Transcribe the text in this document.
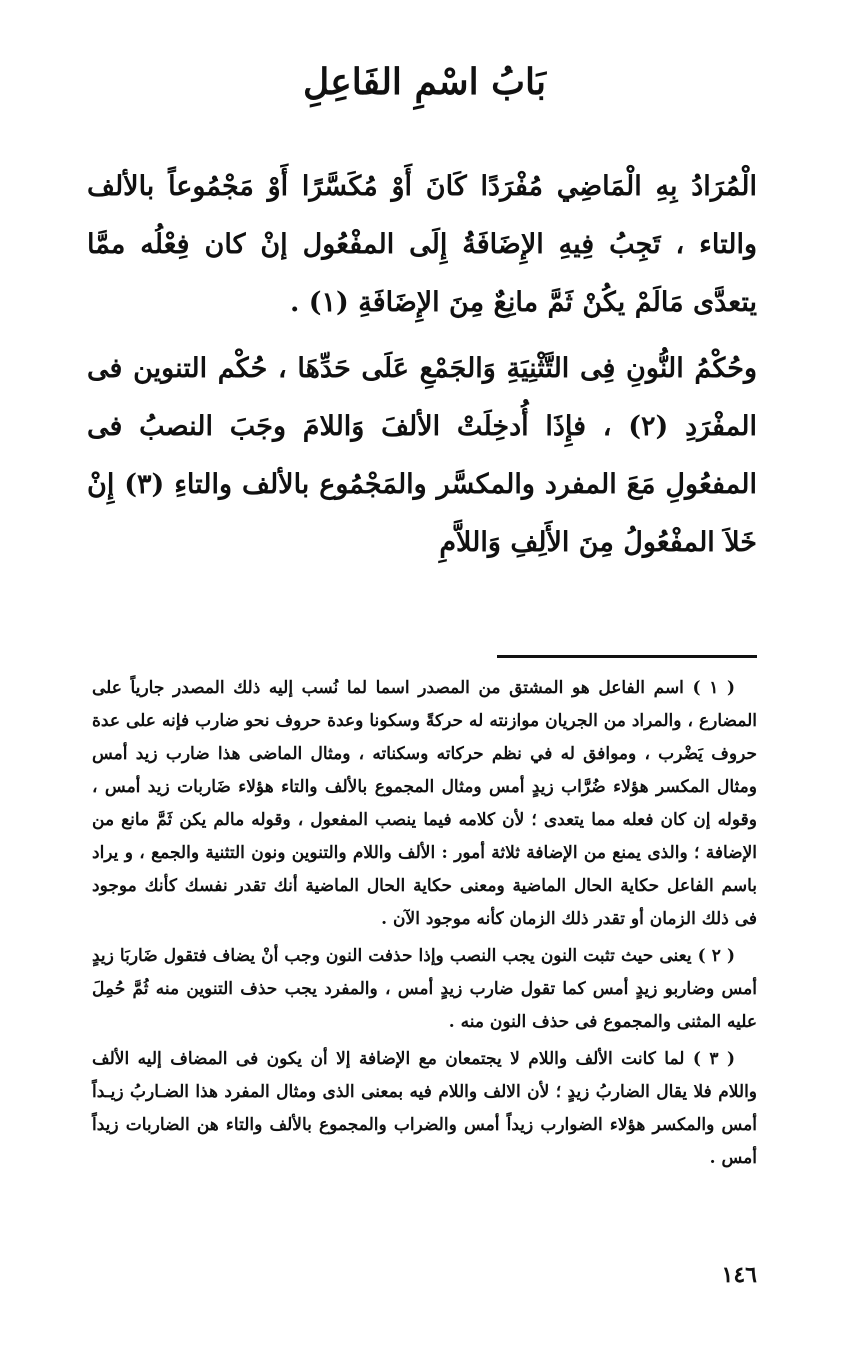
بَابُ اسْمِ الفَاعِلِ

الْمُرَادُ بِهِ الْمَاضِي مُفْرَدًا كَانَ أَوْ مُكَسَّرًا أَوْ مَجْمُوعاً بالألف والتاء ، تَجِبُ فِيهِ الإِضَافَةُ إِلَى المفْعُول إنْ كان فِعْلُه ممَّا يتعدَّى مَالَمْ يكُنْ ثَمَّ مانِعٌ مِنَ الإِضَافَةِ (١) .

وحُكْمُ النُّونِ فِى التَّثْنِيَةِ وَالجَمْعِ عَلَى حَدِّهَا ، حُكْم التنوين فى المفْرَدِ (٢) ، فإِذَا أُدخِلَتْ الألفَ وَاللامَ وجَبَ النصبُ فى المفعُولِ مَعَ المفرد والمكسَّر والمَجْمُوع بالألف والتاءِ (٣) إِنْ خَلاَ المفْعُولُ مِنَ الأَلِفِ وَاللاَّمِ

( ١ ) اسم الفاعل هو المشتق من المصدر اسما لما نُسب إليه ذلك المصدر جارياً على المضارع ، والمراد من الجريان موازنته له حركةً وسكونا وعدة حروف نحو ضارب فإنه على عدة حروف يَضْرب ، وموافق له في نظم حركاته وسكناته ، ومثال الماضى هذا ضارب زيد أمس ومثال المكسر هؤلاء ضُرَّاب زيدٍ أمس ومثال المجموع بالألف والتاء هؤلاء ضَاربات زيد أمس ، وقوله إن كان فعله مما يتعدى ؛ لأن كلامه فيما ينصب المفعول ، وقوله مالم يكن ثَمَّ مانع من الإضافة ؛ والذى يمنع من الإضافة ثلاثة أمور : الألف واللام والتنوين ونون التثنية والجمع ، و يراد باسم الفاعل حكاية الحال الماضية ومعنى حكاية الحال الماضية أنك تقدر نفسك كأنك موجود فى ذلك الزمان أو تقدر ذلك الزمان كأنه موجود الآن .

( ٢ ) يعنى حيث تثبت النون يجب النصب وإذا حذفت النون وجب أنْ يضاف فتقول ضَاربَا زيدٍ أمس وضاربو زيدٍ أمس كما تقول ضارب زيدٍ أمس ، والمفرد يجب حذف التنوين منه ثُمَّ حُمِلَ عليه المثنى والمجموع فى حذف النون منه .

( ٣ ) لما كانت الألف واللام لا يجتمعان مع الإضافة إلا أن يكون فى المضاف إليه الألف واللام فلا يقال الضاربُ زيدٍ ؛ لأن الالف واللام فيه بمعنى الذى ومثال المفرد هذا الضـاربُ زيـداً أمس والمكسر هؤلاء الضوارب زيداً أمس والضراب والمجموع بالألف والتاء هن الضاربات زيداً أمس .

١٤٦
